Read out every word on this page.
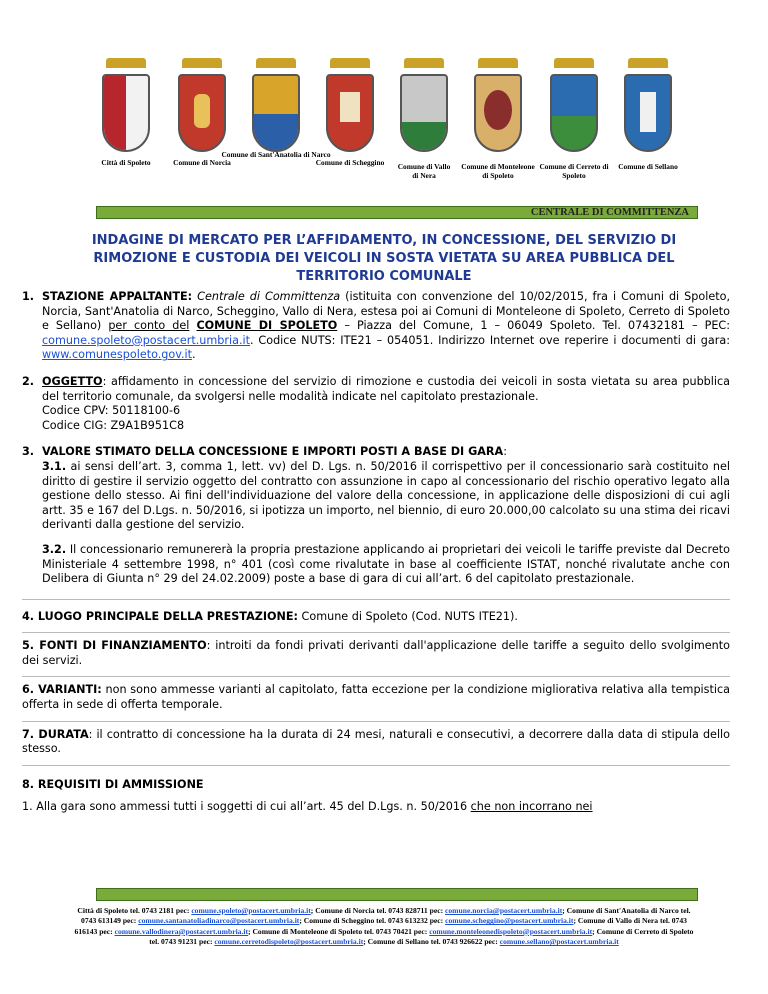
Città di Spoleto	Comune di Norcia
Comune di Sant'Anatolia di Narco
Comune di Scheggino Comune di Vallo di Nera
Comune di Monteleone di Spoleto
Comune di Cerreto di Spoleto
Comune di Sellano
CENTRALE DI COMMITTENZA
INDAGINE DI MERCATO PER L’AFFIDAMENTO, IN CONCESSIONE, DEL SERVIZIO DI RIMOZIONE E CUSTODIA DEI VEICOLI IN SOSTA VIETATA SU AREA PUBBLICA DEL TERRITORIO COMUNALE
1. STAZIONE APPALTANTE: Centrale di Committenza (istituita con convenzione del 10/02/2015, fra i Comuni di Spoleto, Norcia, Sant'Anatolia di Narco, Scheggino, Vallo di Nera, estesa poi ai Comuni di Monteleone di Spoleto, Cerreto di Spoleto e Sellano) per conto del COMUNE DI SPOLETO – Piazza del Comune, 1 – 06049 Spoleto. Tel. 07432181 – PEC: comune.spoleto@postacert.umbria.it. Codice NUTS: ITE21 – 054051. Indirizzo Internet ove reperire i documenti di gara: www.comunespoleto.gov.it.
2. OGGETTO: affidamento in concessione del servizio di rimozione e custodia dei veicoli in sosta vietata su area pubblica del territorio comunale, da svolgersi nelle modalità indicate nel capitolato prestazionale.
Codice CPV: 50118100-6
Codice CIG: Z9A1B951C8
3. VALORE STIMATO DELLA CONCESSIONE E IMPORTI POSTI A BASE DI GARA:
3.1. ai sensi dell’art. 3, comma 1, lett. vv) del D. Lgs. n. 50/2016 il corrispettivo per il concessionario sarà costituito nel diritto di gestire il servizio oggetto del contratto con assunzione in capo al concessionario del rischio operativo legato alla gestione dello stesso. Ai fini dell'individuazione del valore della concessione, in applicazione delle disposizioni di cui agli artt. 35 e 167 del D.Lgs. n. 50/2016, si ipotizza un importo, nel biennio, di euro 20.000,00 calcolato su una stima dei ricavi derivanti dalla gestione del servizio.
3.2. Il concessionario remunererà la propria prestazione applicando ai proprietari dei veicoli le tariffe previste dal Decreto Ministeriale 4 settembre 1998, n° 401 (così come rivalutate in base al coefficiente ISTAT, nonché rivalutate anche con Delibera di Giunta n° 29 del 24.02.2009) poste a base di gara di cui all’art. 6 del capitolato prestazionale.
4. LUOGO PRINCIPALE DELLA PRESTAZIONE: Comune di Spoleto (Cod. NUTS ITE21).
5. FONTI DI FINANZIAMENTO: introiti da fondi privati derivanti dall'applicazione delle tariffe a seguito dello svolgimento dei servizi.
6. VARIANTI: non sono ammesse varianti al capitolato, fatta eccezione per la condizione migliorativa relativa alla tempistica offerta in sede di offerta temporale.
7. DURATA: il contratto di concessione ha la durata di 24 mesi, naturali e consecutivi, a decorrere dalla data di stipula dello stesso.
8. REQUISITI DI AMMISSIONE
1. Alla gara sono ammessi tutti i soggetti di cui all’art. 45 del D.Lgs. n. 50/2016 che non incorrano nei
Città di Spoleto tel. 0743 2181 pec: comune.spoleto@postacert.umbria.it; Comune di Norcia tel. 0743 828711 pec: comune.norcia@postacert.umbria.it; Comune di Sant'Anatolia di Narco tel. 0743 613149 pec: comune.santanatoliadinarco@postacert.umbria.it; Comune di Scheggino tel. 0743 613232 pec: comune.scheggino@postacert.umbria.it; Comune di Vallo di Nera tel. 0743 616143 pec: comune.vallodinera@postacert.umbria.it; Comune di Monteleone di Spoleto tel. 0743 70421 pec: comune.monteleonedispoleto@postacert.umbria.it; Comune di Cerreto di Spoleto tel. 0743 91231 pec: comune.cerretodispoleto@postacert.umbria.it; Comune di Sellano tel. 0743 926622 pec: comune.sellano@postacert.umbria.it
